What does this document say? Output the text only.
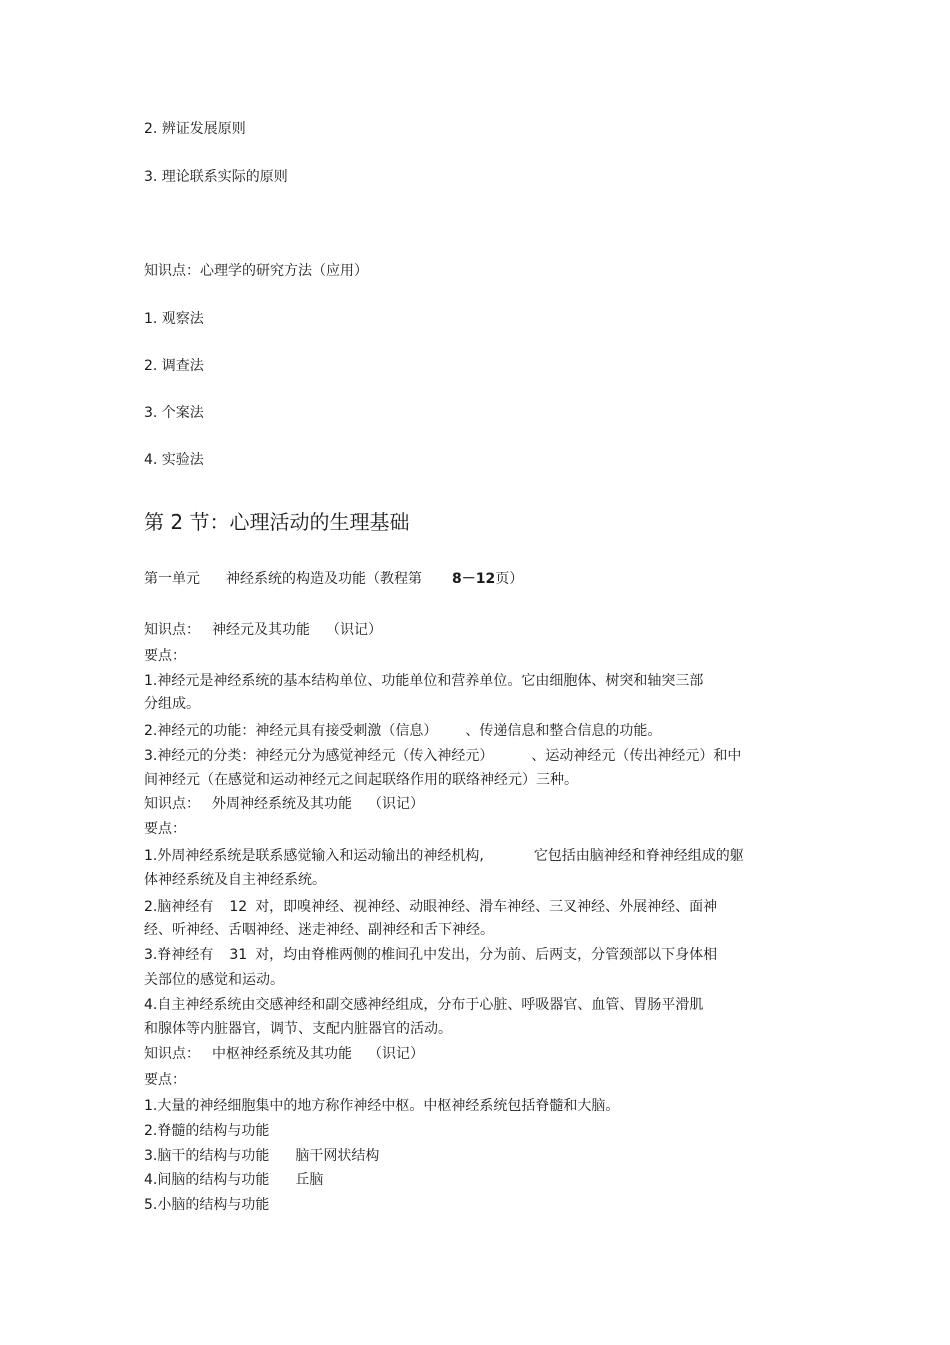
2. 辨证发展原则
3. 理论联系实际的原则
知识点：心理学的研究方法（应用）
1. 观察法
2. 调查法
3. 个案法
4. 实验法
第 2 节：心理活动的生理基础
第一单元 神经系统的构造及功能（教程第 8－12页）
知识点： 神经元及其功能 （识记）
要点：
1.神经元是神经系统的基本结构单位、功能单位和营养单位。它由细胞体、树突和轴突三部
分组成。
2.神经元的功能：神经元具有接受刺激（信息） 、传递信息和整合信息的功能。
3.神经元的分类：神经元分为感觉神经元（传入神经元）	、运动神经元（传出神经元）和中
间神经元（在感觉和运动神经元之间起联络作用的联络神经元）三种。
知识点： 外周神经系统及其功能 （识记）
要点：
1.外周神经系统是联系感觉输入和运动输出的神经机构,	它包括由脑神经和脊神经组成的躯
体神经系统及自主神经系统。
2.脑神经有 12 对，即嗅神经、视神经、动眼神经、滑车神经、三叉神经、外展神经、面神
经、听神经、舌咽神经、迷走神经、副神经和舌下神经。
3.脊神经有 31 对，均由脊椎两侧的椎间孔中发出，分为前、后两支，分管颈部以下身体相
关部位的感觉和运动。
4.自主神经系统由交感神经和副交感神经组成，分布于心脏、呼吸器官、血管、胃肠平滑肌
和腺体等内脏器官，调节、支配内脏器官的活动。
知识点： 中枢神经系统及其功能 （识记）
要点：
1.大量的神经细胞集中的地方称作神经中枢。中枢神经系统包括脊髓和大脑。
2.脊髓的结构与功能
3.脑干的结构与功能 脑干网状结构
4.间脑的结构与功能 丘脑
5.小脑的结构与功能
